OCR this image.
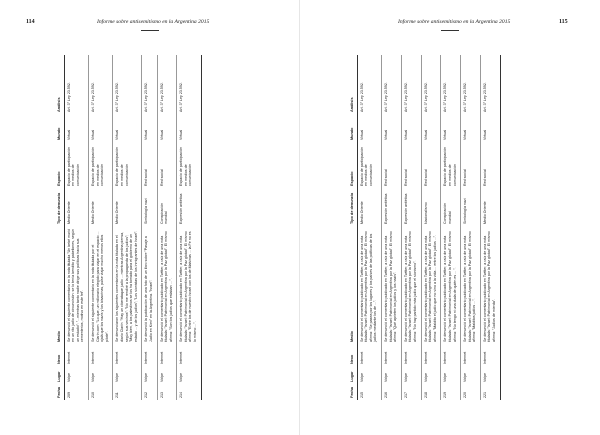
114	Informe sobre antisemitismo en la Argentina 2015
Fecha	Lugar	Nexo	Medio	Tipo de denuncia	Espacio	Mundo	Análisis
209	Volpe	Internet	Se denunció el siguiente comentario en la nota titulada "Un bebé murió en un rito judío de circuncisión: se lo tenía bendito y pabellones, según un estudio": "...mientras tanto nadie dirige sus políticas hacia sus cementerios, motivo en este fet".	Medio Oriente	Espacio de participación en medios de comunicación	Virtual	Art. 3° Ley 23.592.
210	Volpe	Internet	Se denunció el siguiente comentario en la nota titulada por el Clarín.com: "Lo que, un millonario elegido para viajar en el espacio ... ojalá que los nazis y los bisacrinas, pulse viajar mucho menos ellos pilote".	Medio Oriente	Espacio de participación en medios de comunicación	Virtual	Art. 3° Ley 23.592.
211	Volpe	Internet	Se denunciaron los siguientes comentarios en la nota titulada en el diario Clarín: "Hay un ciberataque judío ... mientras Argentina piensa, según sus vecinos": "No me rendiré a la propaganda de los judíos"; "Muy bien, a los palestinos se los ha tomado para el gobierno de un estado ... y de los judíos"; "Los sionistas de los inmigrantes de Israel".	Medio Oriente	Espacio de participación en medios de comunicación	Virtual	Art. 3° Ley 23.592.
212	Volpe	Internet	Se denunció la publicación de una foto de un libro sobre "Pasaje a Judío en Kiev" en la Argentina. "Israel".	Simbología nazi	Red social	Virtual	Art. 3° Ley 23.592.
213	Volpe	Internet	Se denunció el comentario publicado en Twitter, a raíz de una nota titulada: "Israel: Patrimonial en Argentina por la Paz global". El mismo afirma: "Son los judíos que estaban ... ".	Conspiración mundial	Red social	Virtual	Art. 3° Ley 23.592.
214	Volpe	Internet	Se denunció el comentario publicado en Twitter, a raíz de una nota titulada: "Israel: Patrimonial en Argentina por la Paz global". El mismo afirma: "Entre los de nuestro Israel con los de Malvinas ... la Fe no es lo mismo ...".	Expresión antiética	Espacio de participación en medios de comunicación	Virtual	Art. 3° Ley 23.592.
Informe sobre antisemitismo en la Argentina 2015	115
Fecha	Lugar	Nexo	Medio	Tipo de denuncia	Espacio	Mundo	Análisis
215	Volpe	Internet	Se denunció el comentario publicado en Twitter, a raíz de una nota titulada: "Israel: Patrimonial en Argentina por la Paz global". El mismo afirma: "Se pasea por los lugares y los países de las políticas de los judíos mediante los de ...".	Medio Oriente	Espacio de participación en medios de comunicación	Virtual	Art. 3° Ley 23.592.
216	Volpe	Internet	Se denunció el comentario publicado en Twitter, a raíz de una nota titulada: "Israel: Patrimonial en Argentina por la Paz global". El mismo afirma: "Qué aprieten los judíos y los nazis".	Expresión antiética	Red social	Virtual	Art. 3° Ley 23.592.
217	Volpe	Internet	Se denunció el comentario publicado en Twitter, a raíz de una nota titulada: "Israel: Patrimonial en Argentina por la Paz global". El mismo afirma: "No hay partido más judío que el sionismo".	Expresión antiética	Red social	Virtual	Art. 3° Ley 23.592.
218	Volpe	Internet	Se denunció el comentario publicado en Twitter, a raíz de una nota titulada: "Israel: Patrimonial en Argentina por la Paz global". El mismo afirma: "Maldito el judío que no vino a la vida ... entre los judíos ...".	Nacionalismo	Red social	Virtual	Art. 3° Ley 23.592.
219	Volpe	Internet	Se denunció el comentario publicado en Twitter, a raíz de una nota titulada: "Israel: Patrimonial en Argentina por la Paz global". El mismo afirma: "No tengo ni una duda de quién es ... ".	Conspiración mundial	Espacio de participación en medios de comunicación	Virtual	Art. 3° Ley 23.592.
220	Volpe	Internet	Se denunció el comentario publicado en Twitter, a raíz de una nota titulada: "Israel: Patrimonial en Argentina por la Paz global". El mismo afirma: "Malditos judíos ...".	Simbología nazi	Red social	Virtual	Art. 3° Ley 23.592.
221	Volpe	Internet	Se denunció el comentario publicado en Twitter, a raíz de una nota titulada: "Israel: Patrimonial en Argentina por la Paz global". El mismo afirma: "Judíos de mierda".	Medio Oriente	Red social	Virtual	Art. 3° Ley 23.592.
